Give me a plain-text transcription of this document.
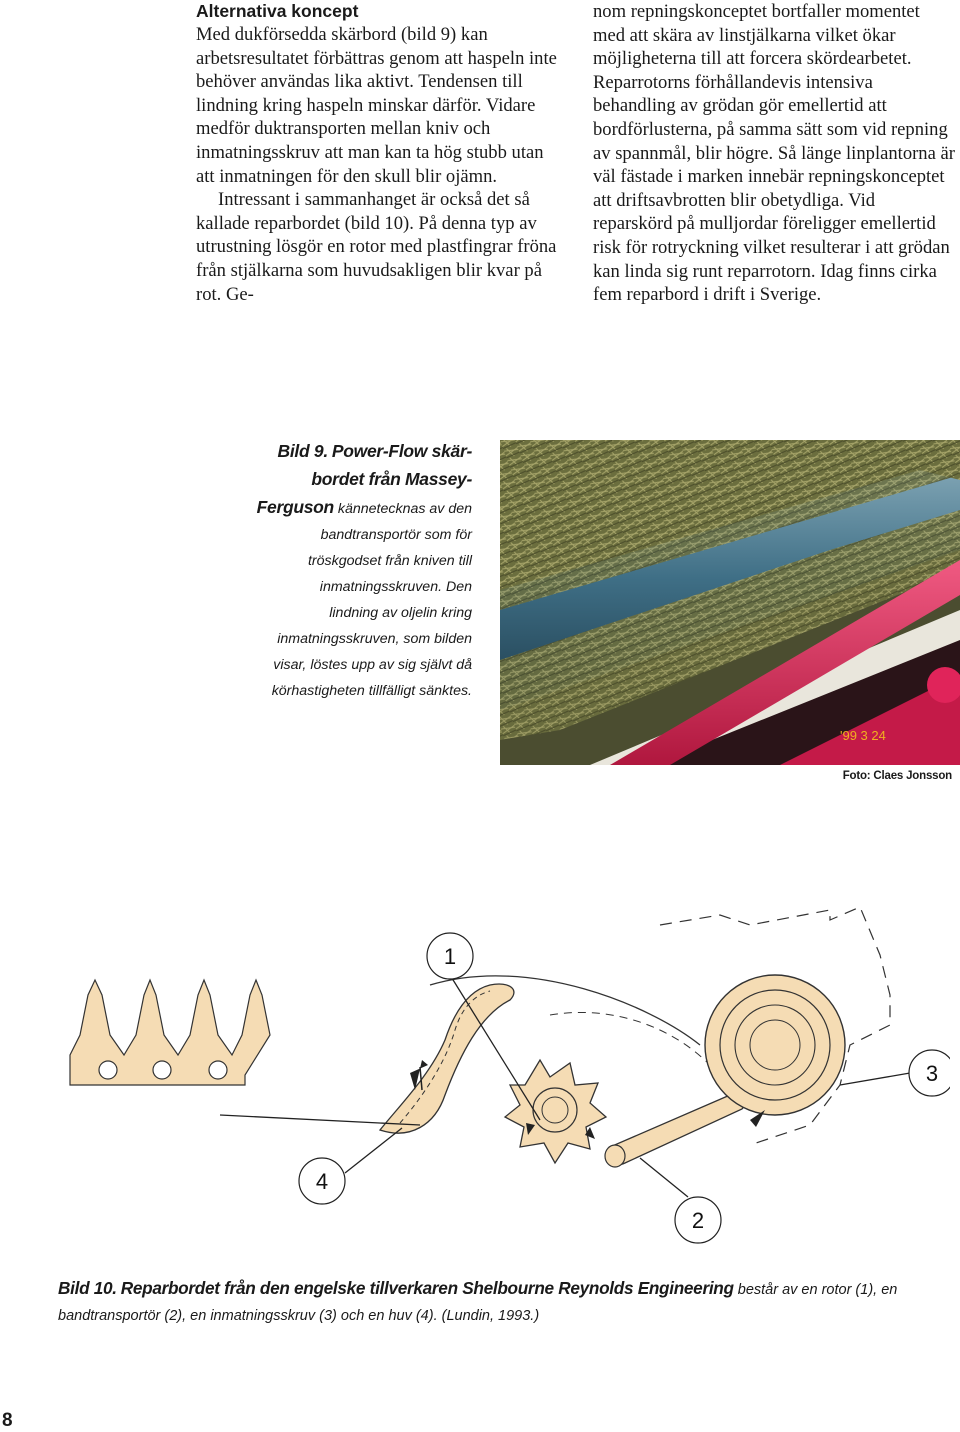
Alternativa koncept

Med dukförsedda skärbord (bild 9) kan arbetsresultatet förbättras genom att haspeln inte behöver användas lika aktivt. Tendensen till lindning kring haspeln minskar därför. Vidare medför duktransporten mellan kniv och inmatningsskruv att man kan ta hög stubb utan att inmatningen för den skull blir ojämn.

Intressant i sammanhanget är också det så kallade reparbordet (bild 10). På denna typ av utrustning lösgör en rotor med plastfingrar fröna från stjälkarna som huvudsakligen blir kvar på rot. Ge-

nom repningskonceptet bortfaller momentet med att skära av linstjälkarna vilket ökar möjligheterna till att forcera skördearbetet. Reparrotorns förhållandevis intensiva behandling av grödan gör emellertid att bordförlusterna, på samma sätt som vid repning av spannmål, blir högre. Så länge linplantorna är väl fästade i marken innebär repningskonceptet att driftsavbrotten blir obetydliga. Vid reparskörd på mulljordar föreligger emellertid risk för rotryckning vilket resulterar i att grödan kan linda sig runt reparrotorn. Idag finns cirka fem reparbord i drift i Sverige.

Bild 9. Power-Flow skär-
bordet från Massey-
Ferguson kännetecknas av den
bandtransportör som för
tröskgodset från kniven till
inmatningsskruven. Den
lindning av oljelin kring
inmatningsskruven, som bilden
visar, löstes upp av sig självt då
körhastigheten tillfälligt sänktes.
'99 3 24
Foto: Claes Jonsson
1
2
3
4
Bild 10. Reparbordet från den engelske tillverkaren Shelbourne Reynolds Engineering består av en rotor (1), en bandtransportör (2), en inmatningsskruv (3) och en huv (4). (Lundin, 1993.)
8
